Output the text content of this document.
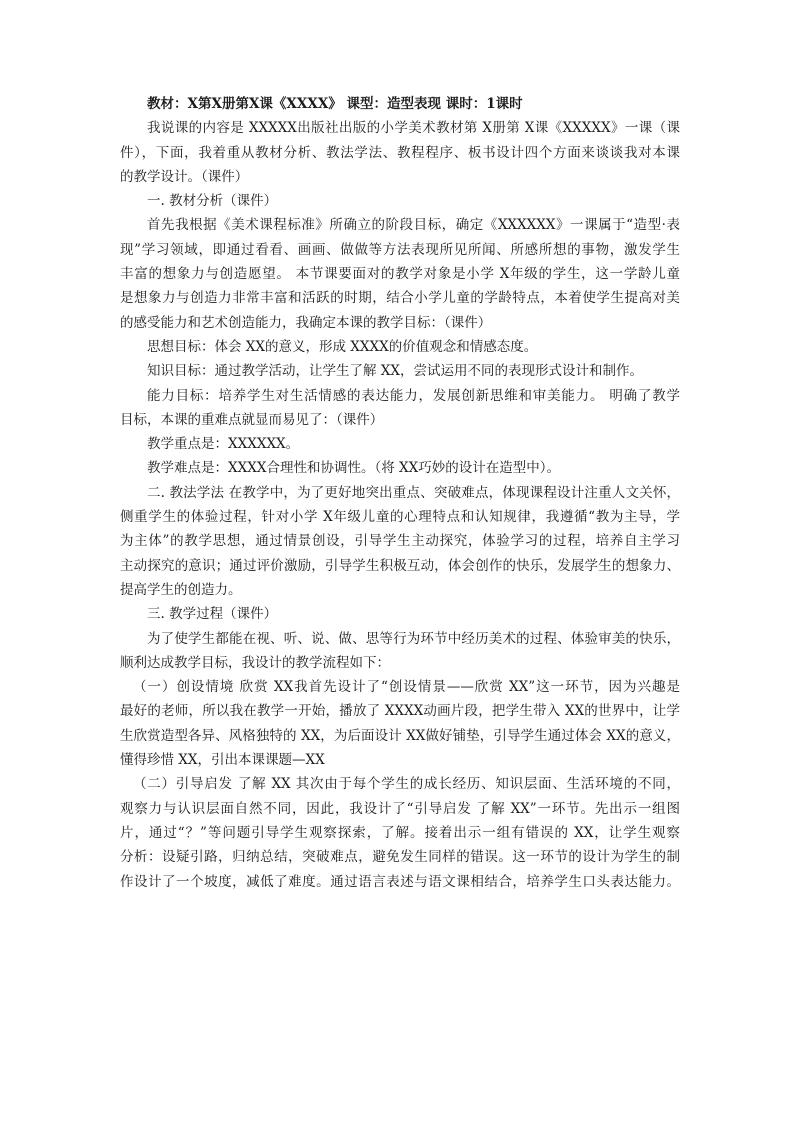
教材：X第X册第X课《XXXX》 课型：造型表现 课时：1课时

我说课的内容是 XXXXX出版社出版的小学美术教材第 X册第 X课《XXXXX》一课（课

件），下面，我着重从教材分析、教法学法、教程程序、板书设计四个方面来谈谈我对本课

的教学设计。（课件）

一. 教材分析（课件）

首先我根据《美术课程标准》所确立的阶段目标，确定《XXXXXX》一课属于“造型·表

现”学习领域，即通过看看、画画、做做等方法表现所见所闻、所感所想的事物，激发学生

丰富的想象力与创造愿望。 本节课要面对的教学对象是小学 X年级的学生，这一学龄儿童

是想象力与创造力非常丰富和活跃的时期，结合小学儿童的学龄特点，本着使学生提高对美

的感受能力和艺术创造能力，我确定本课的教学目标：（课件）

思想目标：体会 XX的意义，形成 XXXX的价值观念和情感态度。

知识目标：通过教学活动，让学生了解 XX，尝试运用不同的表现形式设计和制作。

能力目标：培养学生对生活情感的表达能力，发展创新思维和审美能力。 明确了教学

目标，本课的重难点就显而易见了：（课件）

教学重点是：XXXXXX。

教学难点是：XXXX合理性和协调性。（将 XX巧妙的设计在造型中）。

二. 教法学法 在教学中，为了更好地突出重点、突破难点，体现课程设计注重人文关怀，

侧重学生的体验过程，针对小学 X年级儿童的心理特点和认知规律，我遵循“教为主导，学

为主体”的教学思想，通过情景创设，引导学生主动探究，体验学习的过程，培养自主学习

主动探究的意识；通过评价激励，引导学生积极互动，体会创作的快乐，发展学生的想象力、

提高学生的创造力。

三. 教学过程（课件）

为了使学生都能在视、听、说、做、思等行为环节中经历美术的过程、体验审美的快乐，

顺利达成教学目标，我设计的教学流程如下：

（一）创设情境 欣赏 XX我首先设计了“创设情景——欣赏 XX”这一环节，因为兴趣是

最好的老师，所以我在教学一开始，播放了 XXXX动画片段，把学生带入 XX的世界中，让学

生欣赏造型各异、风格独特的 XX，为后面设计 XX做好铺垫，引导学生通过体会 XX的意义，

懂得珍惜 XX，引出本课课题—XX

（二）引导启发 了解 XX 其次由于每个学生的成长经历、知识层面、生活环境的不同，

观察力与认识层面自然不同，因此，我设计了“引导启发 了解 XX”一环节。先出示一组图

片，通过“？”等问题引导学生观察探索，了解。接着出示一组有错误的 XX，让学生观察

分析：设疑引路，归纳总结，突破难点，避免发生同样的错误。这一环节的设计为学生的制

作设计了一个坡度，减低了难度。通过语言表述与语文课相结合，培养学生口头表达能力。
